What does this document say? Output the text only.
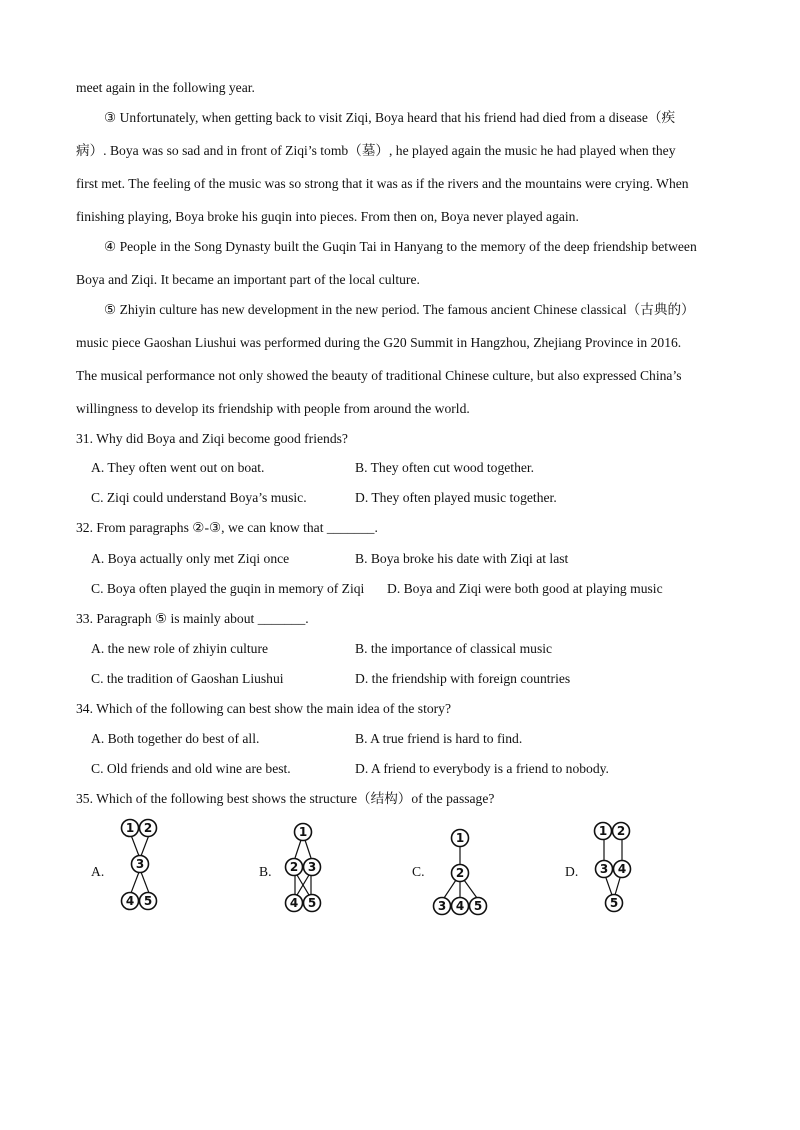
meet again in the following year.
③ Unfortunately, when getting back to visit Ziqi, Boya heard that his friend had died from a disease（疾
病）. Boya was so sad and in front of Ziqi’s tomb（墓）, he played again the music he had played when they
first met. The feeling of the music was so strong that it was as if the rivers and the mountains were crying. When
finishing playing, Boya broke his guqin into pieces. From then on, Boya never played again.
④ People in the Song Dynasty built the Guqin Tai in Hanyang to the memory of the deep friendship between
Boya and Ziqi. It became an important part of the local culture.
⑤ Zhiyin culture has new development in the new period. The famous ancient Chinese classical（古典的）
music piece Gaoshan Liushui was performed during the G20 Summit in Hangzhou, Zhejiang Province in 2016.
The musical performance not only showed the beauty of traditional Chinese culture, but also expressed China’s
willingness to develop its friendship with people from around the world.
31. Why did Boya and Ziqi become good friends?
A. They often went out on boat.	B. They often cut wood together.
C. Ziqi could understand Boya’s music.	D. They often played music together.
32. From paragraphs ②-③, we can know that _______.
A. Boya actually only met Ziqi once	B. Boya broke his date with Ziqi at last
C. Boya often played the guqin in memory of Ziqi D. Boya and Ziqi were both good at playing music
33. Paragraph ⑤ is mainly about _______.
A. the new role of zhiyin culture	B. the importance of classical music
C. the tradition of Gaoshan Liushui	D. the friendship with foreign countries
34. Which of the following can best show the main idea of the story?
A. Both together do best of all.	B. A true friend is hard to find.
C. Old friends and old wine are best.	D. A friend to everybody is a friend to nobody.
35. Which of the following best shows the structure（结构）of the passage?
A.	B.	C.	D.
1 2
3
4 5
1
2 3
4 5
1
2
3 4 5
1 2
3 4
5
